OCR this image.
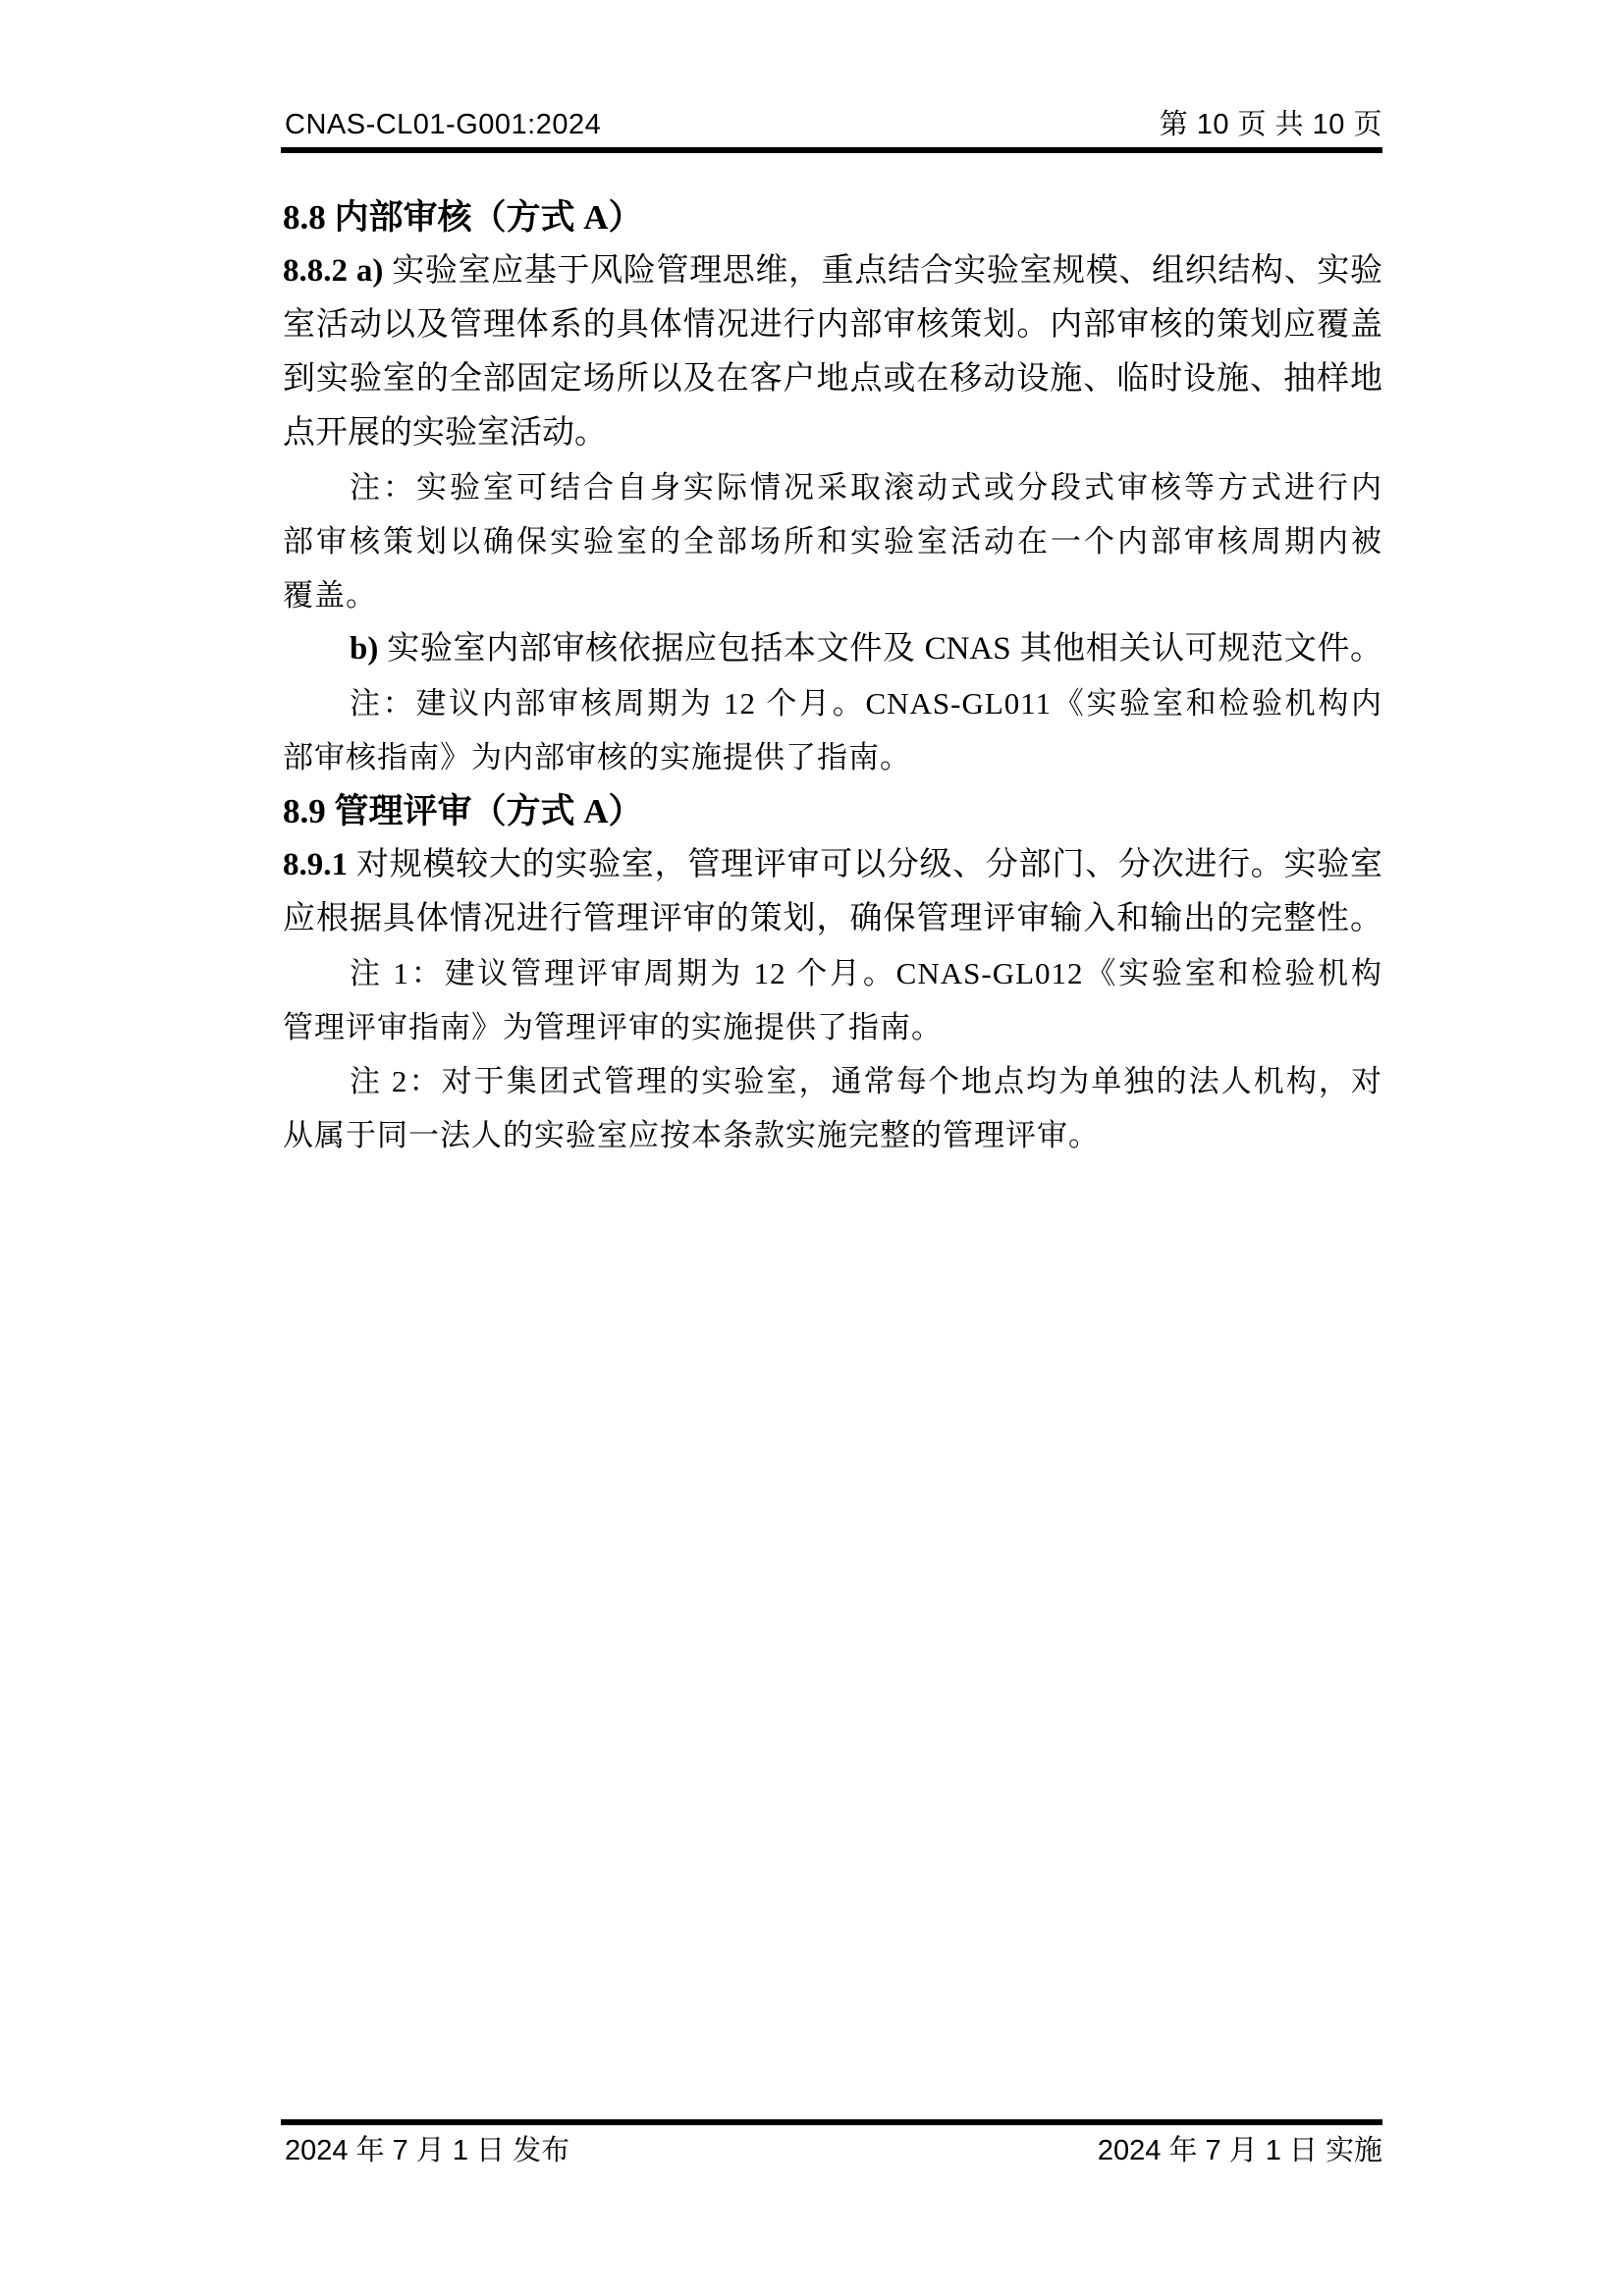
CNAS-CL01-G001:2024	第 10 页 共 10 页
8.8 内部审核（方式 A）
8.8.2 a) 实验室应基于风险管理思维，重点结合实验室规模、组织结构、实验
室活动以及管理体系的具体情况进行内部审核策划。内部审核的策划应覆盖
到实验室的全部固定场所以及在客户地点或在移动设施、临时设施、抽样地
点开展的实验室活动。
注：实验室可结合自身实际情况采取滚动式或分段式审核等方式进行内
部审核策划以确保实验室的全部场所和实验室活动在一个内部审核周期内被
覆盖。
b) 实验室内部审核依据应包括本文件及 CNAS 其他相关认可规范文件。
注：建议内部审核周期为 12 个月。CNAS-GL011《实验室和检验机构内
部审核指南》为内部审核的实施提供了指南。
8.9 管理评审（方式 A）
8.9.1 对规模较大的实验室，管理评审可以分级、分部门、分次进行。实验室
应根据具体情况进行管理评审的策划，确保管理评审输入和输出的完整性。
注 1：建议管理评审周期为 12 个月。CNAS-GL012《实验室和检验机构
管理评审指南》为管理评审的实施提供了指南。
注 2：对于集团式管理的实验室，通常每个地点均为单独的法人机构，对
从属于同一法人的实验室应按本条款实施完整的管理评审。
2024 年 7 月 1 日 发布	2024 年 7 月 1 日 实施
